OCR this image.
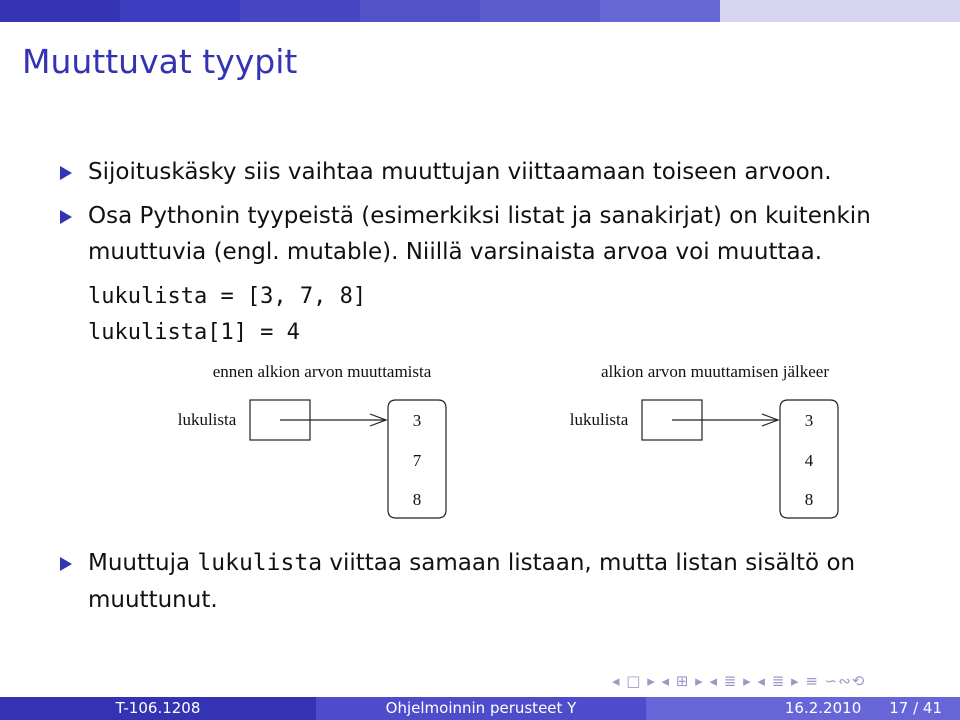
Muuttuvat tyypit
Sijoituskäsky siis vaihtaa muuttujan viittaamaan toiseen arvoon.
Osa Pythonin tyypeistä (esimerkiksi listat ja sanakirjat) on kuitenkin
muuttuvia (engl. mutable). Niillä varsinaista arvoa voi muuttaa.
lukulista = [3, 7, 8]
lukulista[1] = 4
ennen alkion arvon muuttamista
lukulista	3
7
8
alkion arvon muuttamisen jälkeer
lukulista	3
4
8
Muuttuja lukulista viittaa samaan listaan, mutta listan sisältö on
muuttunut.
◂ □ ▸ ◂ ⊞ ▸ ◂ ≣ ▸ ◂ ≣ ▸ ≡ ∽∾⟲
T-106.1208	Ohjelmoinnin perusteet Y	16.2.2010 17 / 41
